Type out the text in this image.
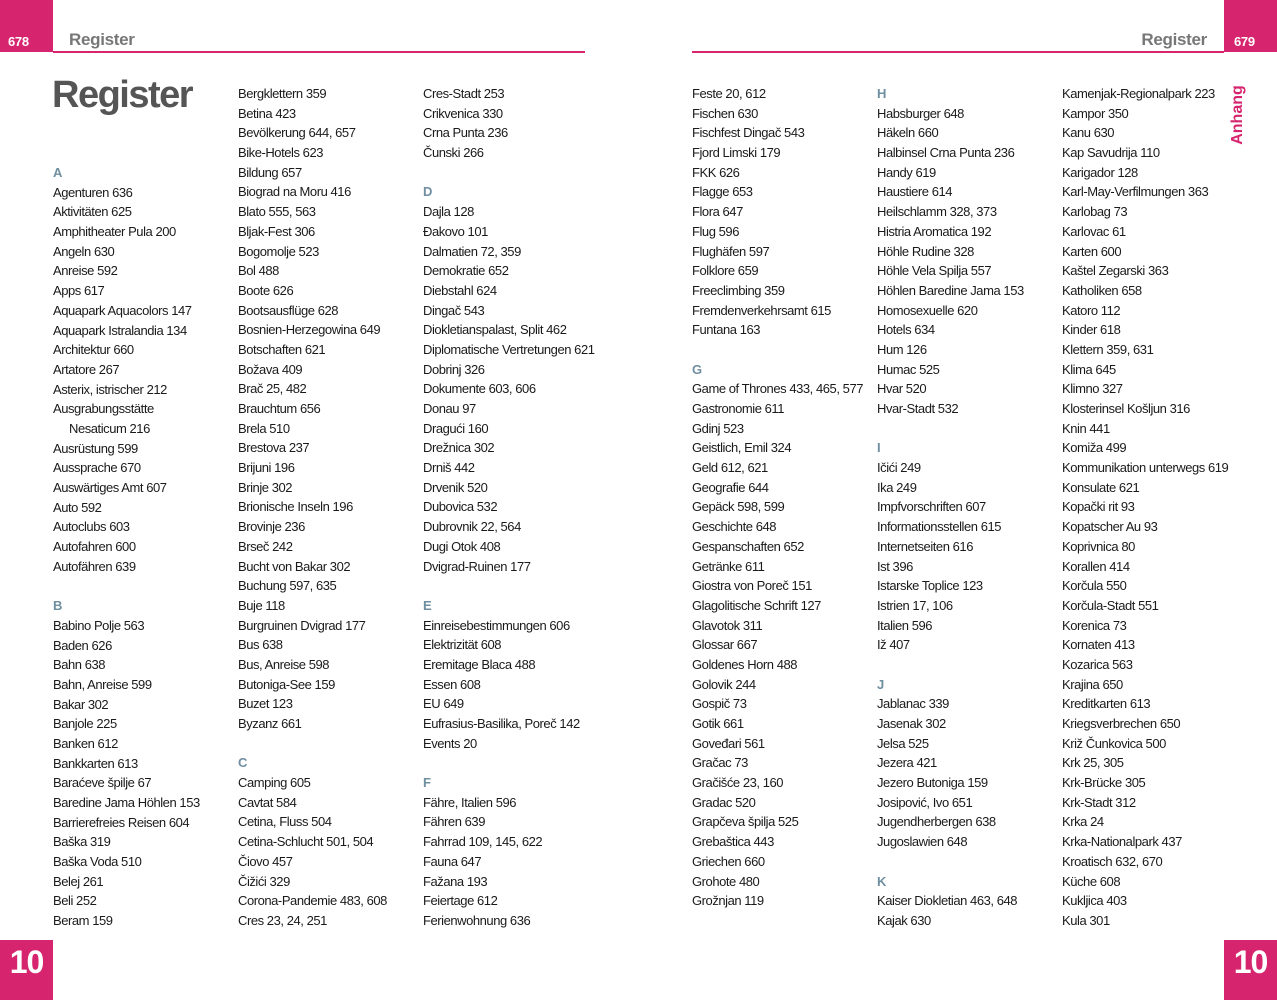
678 Register	679
Register
Anhang
Register
A
Agenturen 636
Aktivitäten 625
Amphitheater Pula 200
Angeln 630
Anreise 592
Apps 617
Aquapark Aquacolors 147
Aquapark Istralandia 134
Architektur 660
Artatore 267
Asterix, istrischer 212
Ausgrabungsstätte
Nesaticum 216
Ausrüstung 599
Aussprache 670
Auswärtiges Amt 607
Auto 592
Autoclubs 603
Autofahren 600
Autofähren 639
B
Babino Polje 563
Baden 626
Bahn 638
Bahn, Anreise 599
Bakar 302
Banjole 225
Banken 612
Bankkarten 613
Baraćeve špilje 67
Baredine Jama Höhlen 153
Barrierefreies Reisen 604
Baška 319
Baška Voda 510
Belej 261
Beli 252
Beram 159
Bergklettern 359
Betina 423
Bevölkerung 644, 657
Bike-Hotels 623
Bildung 657
Biograd na Moru 416
Blato 555, 563
Bljak-Fest 306
Bogomolje 523
Bol 488
Boote 626
Bootsausflüge 628
Bosnien-Herzegowina 649
Botschaften 621
Božava 409
Brač 25, 482
Brauchtum 656
Brela 510
Brestova 237
Brijuni 196
Brinje 302
Brionische Inseln 196
Brovinje 236
Brseč 242
Bucht von Bakar 302
Buchung 597, 635
Buje 118
Burgruinen Dvigrad 177
Bus 638
Bus, Anreise 598
Butoniga-See 159
Buzet 123
Byzanz 661
C
Camping 605
Cavtat 584
Cetina, Fluss 504
Cetina-Schlucht 501, 504
Čiovo 457
Čižići 329
Corona-Pandemie 483, 608
Cres 23, 24, 251
Cres-Stadt 253
Crikvenica 330
Crna Punta 236
Čunski 266
D
Dajla 128
Đakovo 101
Dalmatien 72, 359
Demokratie 652
Diebstahl 624
Dingač 543
Diokletianspalast, Split 462
Diplomatische Vertretungen 621
Dobrinj 326
Dokumente 603, 606
Donau 97
Dragući 160
Drežnica 302
Drniš 442
Drvenik 520
Dubovica 532
Dubrovnik 22, 564
Dugi Otok 408
Dvigrad-Ruinen 177
E
Einreisebestimmungen 606
Elektrizität 608
Eremitage Blaca 488
Essen 608
EU 649
Eufrasius-Basilika, Poreč 142
Events 20
F
Fähre, Italien 596
Fähren 639
Fahrrad 109, 145, 622
Fauna 647
Fažana 193
Feiertage 612
Ferienwohnung 636
Feste 20, 612
Fischen 630
Fischfest Dingač 543
Fjord Limski 179
FKK 626
Flagge 653
Flora 647
Flug 596
Flughäfen 597
Folklore 659
Freeclimbing 359
Fremdenverkehrsamt 615
Funtana 163
G
Game of Thrones 433, 465, 577
Gastronomie 611
Gdinj 523
Geistlich, Emil 324
Geld 612, 621
Geografie 644
Gepäck 598, 599
Geschichte 648
Gespanschaften 652
Getränke 611
Giostra von Poreč 151
Glagolitische Schrift 127
Glavotok 311
Glossar 667
Goldenes Horn 488
Golovik 244
Gospič 73
Gotik 661
Goveđari 561
Gračac 73
Gračišće 23, 160
Gradac 520
Grapčeva špilja 525
Grebaštica 443
Griechen 660
Grohote 480
Grožnjan 119
H
Habsburger 648
Häkeln 660
Halbinsel Crna Punta 236
Handy 619
Haustiere 614
Heilschlamm 328, 373
Histria Aromatica 192
Höhle Rudine 328
Höhle Vela Spilja 557
Höhlen Baredine Jama 153
Homosexuelle 620
Hotels 634
Hum 126
Humac 525
Hvar 520
Hvar-Stadt 532
I
Ičići 249
Ika 249
Impfvorschriften 607
Informationsstellen 615
Internetseiten 616
Ist 396
Istarske Toplice 123
Istrien 17, 106
Italien 596
Iž 407
J
Jablanac 339
Jasenak 302
Jelsa 525
Jezera 421
Jezero Butoniga 159
Josipović, Ivo 651
Jugendherbergen 638
Jugoslawien 648
K
Kaiser Diokletian 463, 648
Kajak 630
Kamenjak-Regionalpark 223
Kampor 350
Kanu 630
Kap Savudrija 110
Karigador 128
Karl-May-Verfilmungen 363
Karlobag 73
Karlovac 61
Karten 600
Kaštel Zegarski 363
Katholiken 658
Katoro 112
Kinder 618
Klettern 359, 631
Klima 645
Klimno 327
Klosterinsel Košljun 316
Knin 441
Komiža 499
Kommunikation unterwegs 619
Konsulate 621
Kopački rit 93
Kopatscher Au 93
Koprivnica 80
Korallen 414
Korčula 550
Korčula-Stadt 551
Korenica 73
Kornaten 413
Kozarica 563
Krajina 650
Kreditkarten 613
Kriegsverbrechen 650
Križ Čunkovica 500
Krk 25, 305
Krk-Brücke 305
Krk-Stadt 312
Krka 24
Krka-Nationalpark 437
Kroatisch 632, 670
Küche 608
Kukljica 403
Kula 301
10	10
